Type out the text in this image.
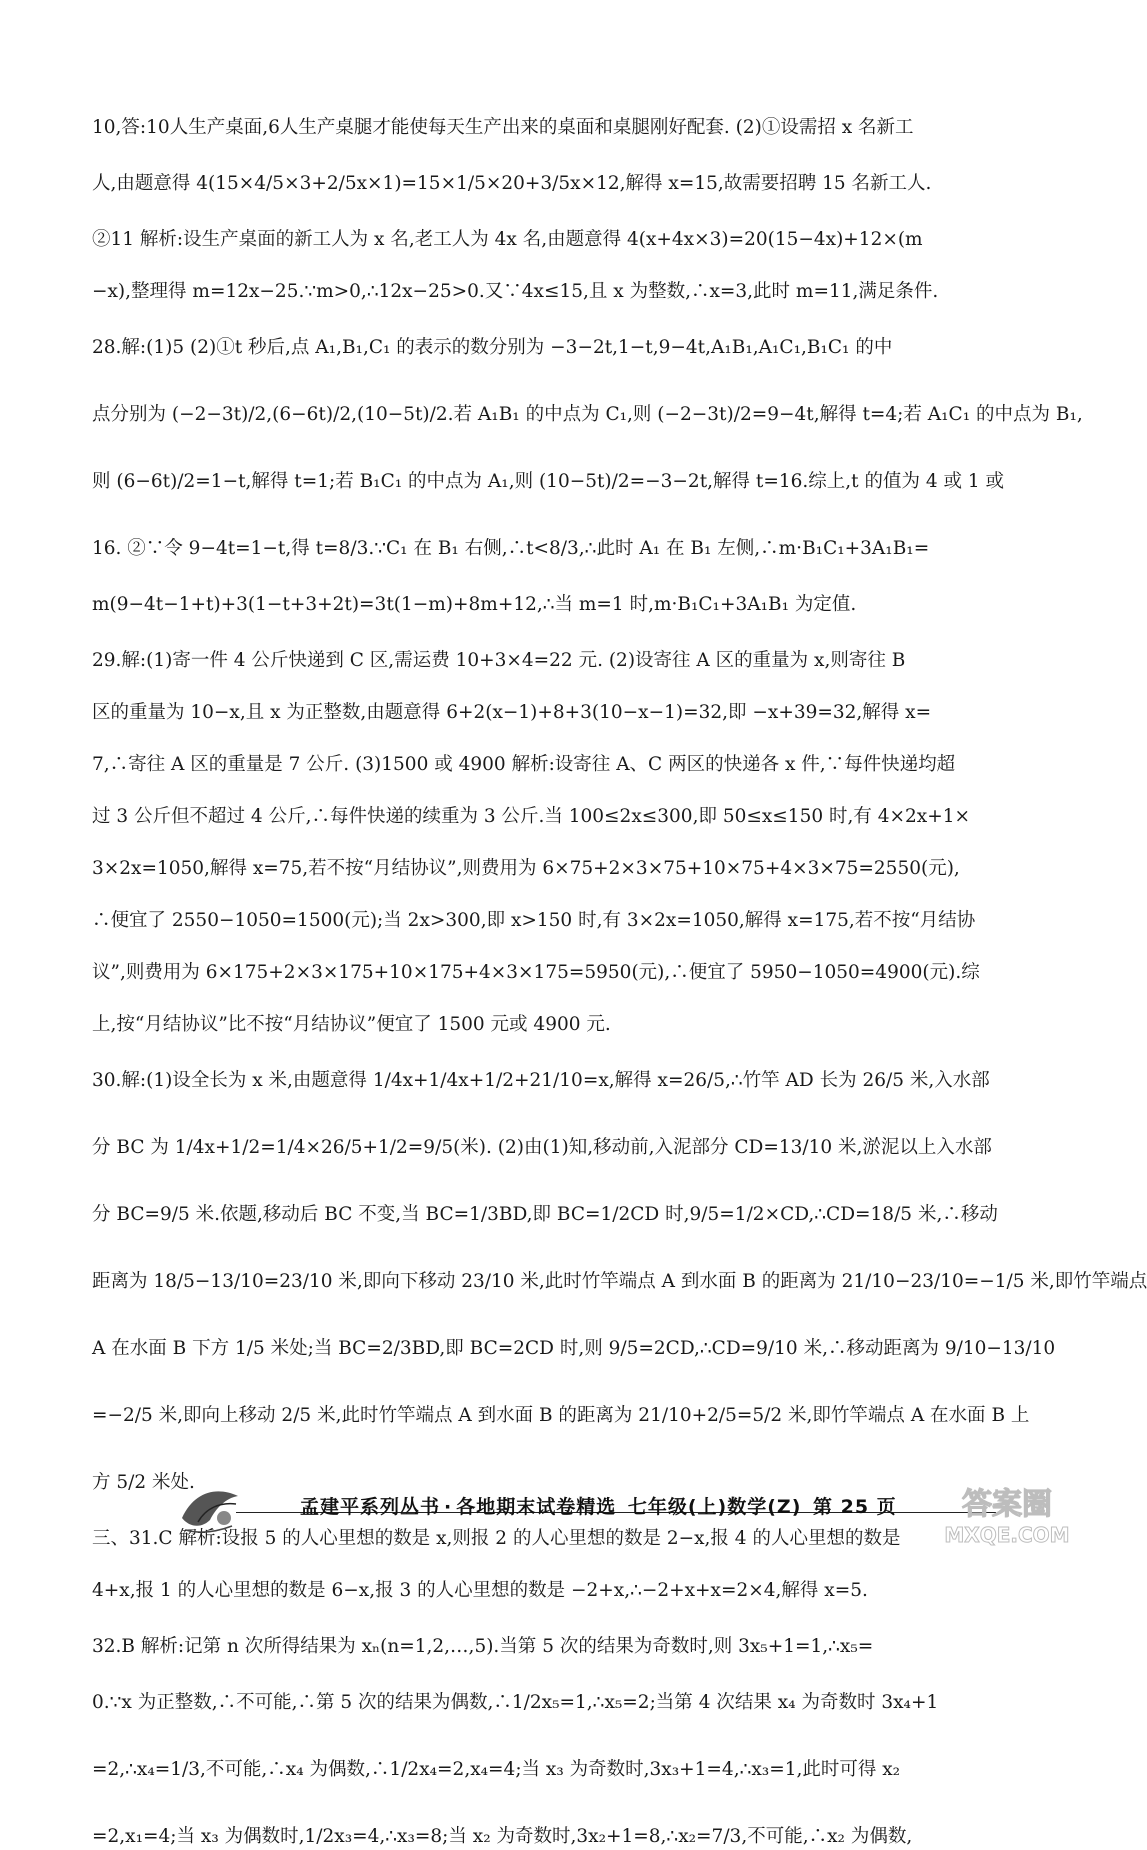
10,答:10人生产桌面,6人生产桌腿才能使每天生产出来的桌面和桌腿刚好配套. (2)①设需招 x 名新工

人,由题意得 4(15×4/5×3+2/5x×1)=15×1/5×20+3/5x×12,解得 x=15,故需要招聘 15 名新工人.

②11 解析:设生产桌面的新工人为 x 名,老工人为 4x 名,由题意得 4(x+4x×3)=20(15−4x)+12×(m

−x),整理得 m=12x−25.∵m>0,∴12x−25>0.又∵4x≤15,且 x 为整数,∴x=3,此时 m=11,满足条件.

28.解:(1)5 (2)①t 秒后,点 A₁,B₁,C₁ 的表示的数分别为 −3−2t,1−t,9−4t,A₁B₁,A₁C₁,B₁C₁ 的中

点分别为 (−2−3t)/2,(6−6t)/2,(10−5t)/2.若 A₁B₁ 的中点为 C₁,则 (−2−3t)/2=9−4t,解得 t=4;若 A₁C₁ 的中点为 B₁,

则 (6−6t)/2=1−t,解得 t=1;若 B₁C₁ 的中点为 A₁,则 (10−5t)/2=−3−2t,解得 t=16.综上,t 的值为 4 或 1 或

16. ②∵令 9−4t=1−t,得 t=8/3.∵C₁ 在 B₁ 右侧,∴t<8/3,∴此时 A₁ 在 B₁ 左侧,∴m·B₁C₁+3A₁B₁=

m(9−4t−1+t)+3(1−t+3+2t)=3t(1−m)+8m+12,∴当 m=1 时,m·B₁C₁+3A₁B₁ 为定值.

29.解:(1)寄一件 4 公斤快递到 C 区,需运费 10+3×4=22 元. (2)设寄往 A 区的重量为 x,则寄往 B

区的重量为 10−x,且 x 为正整数,由题意得 6+2(x−1)+8+3(10−x−1)=32,即 −x+39=32,解得 x=

7,∴寄往 A 区的重量是 7 公斤. (3)1500 或 4900 解析:设寄往 A、C 两区的快递各 x 件,∵每件快递均超

过 3 公斤但不超过 4 公斤,∴每件快递的续重为 3 公斤.当 100≤2x≤300,即 50≤x≤150 时,有 4×2x+1×

3×2x=1050,解得 x=75,若不按“月结协议”,则费用为 6×75+2×3×75+10×75+4×3×75=2550(元),

∴便宜了 2550−1050=1500(元);当 2x>300,即 x>150 时,有 3×2x=1050,解得 x=175,若不按“月结协

议”,则费用为 6×175+2×3×175+10×175+4×3×175=5950(元),∴便宜了 5950−1050=4900(元).综

上,按“月结协议”比不按“月结协议”便宜了 1500 元或 4900 元.

30.解:(1)设全长为 x 米,由题意得 1/4x+1/4x+1/2+21/10=x,解得 x=26/5,∴竹竿 AD 长为 26/5 米,入水部

分 BC 为 1/4x+1/2=1/4×26/5+1/2=9/5(米). (2)由(1)知,移动前,入泥部分 CD=13/10 米,淤泥以上入水部

分 BC=9/5 米.依题,移动后 BC 不变,当 BC=1/3BD,即 BC=1/2CD 时,9/5=1/2×CD,∴CD=18/5 米,∴移动

距离为 18/5−13/10=23/10 米,即向下移动 23/10 米,此时竹竿端点 A 到水面 B 的距离为 21/10−23/10=−1/5 米,即竹竿端点

A 在水面 B 下方 1/5 米处;当 BC=2/3BD,即 BC=2CD 时,则 9/5=2CD,∴CD=9/10 米,∴移动距离为 9/10−13/10

=−2/5 米,即向上移动 2/5 米,此时竹竿端点 A 到水面 B 的距离为 21/10+2/5=5/2 米,即竹竿端点 A 在水面 B 上

方 5/2 米处.

三、31.C 解析:设报 5 的人心里想的数是 x,则报 2 的人心里想的数是 2−x,报 4 的人心里想的数是

4+x,报 1 的人心里想的数是 6−x,报 3 的人心里想的数是 −2+x,∴−2+x+x=2×4,解得 x=5.

32.B 解析:记第 n 次所得结果为 xₙ(n=1,2,…,5).当第 5 次的结果为奇数时,则 3x₅+1=1,∴x₅=

0.∵x 为正整数,∴不可能,∴第 5 次的结果为偶数,∴1/2x₅=1,∴x₅=2;当第 4 次结果 x₄ 为奇数时 3x₄+1

=2,∴x₄=1/3,不可能,∴x₄ 为偶数,∴1/2x₄=2,x₄=4;当 x₃ 为奇数时,3x₃+1=4,∴x₃=1,此时可得 x₂

=2,x₁=4;当 x₃ 为偶数时,1/2x₃=4,∴x₃=8;当 x₂ 为奇数时,3x₂+1=8,∴x₂=7/3,不可能,∴x₂ 为偶数,

孟建平系列丛书 · 各地期末试卷精选 七年级(上)数学(Z) 第 25 页 答案圈
MXQE.COM
